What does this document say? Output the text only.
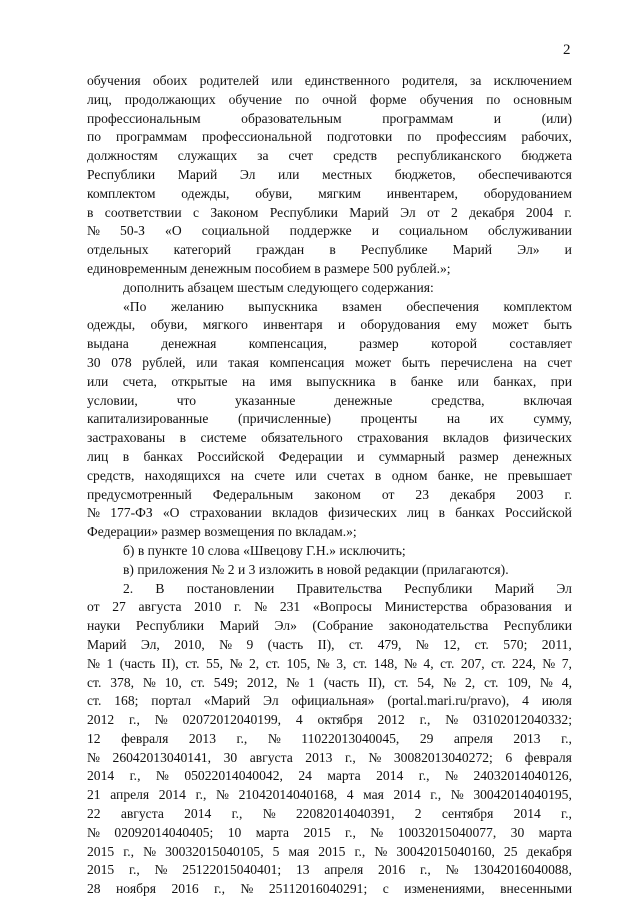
2
обучения обоих родителей или единственного родителя, за исключением
лиц, продолжающих обучение по очной форме обучения по основным
профессиональным	образовательным	программам	и	(или)
по программам профессиональной подготовки по профессиям рабочих,
должностям служащих за счет средств республиканского бюджета
Республики Марий Эл или местных бюджетов, обеспечиваются
комплектом одежды, обуви, мягким инвентарем, оборудованием
в соответствии с Законом Республики Марий Эл от 2 декабря 2004 г.
№ 50-З «О социальной поддержке и социальном обслуживании
отдельных категорий граждан в Республике Марий Эл» и
единовременным денежным пособием в размере 500 рублей.»;
дополнить абзацем шестым следующего содержания:
«По желанию выпускника взамен обеспечения комплектом
одежды, обуви, мягкого инвентаря и оборудования ему может быть
выдана денежная компенсация, размер которой составляет
30 078 рублей, или такая компенсация может быть перечислена на счет
или счета, открытые на имя выпускника в банке или банках, при
условии,	что	указанные	денежные	средства,	включая
капитализированные (причисленные) проценты на их сумму,
застрахованы в системе обязательного страхования вкладов физических
лиц в банках Российской Федерации и суммарный размер денежных
средств, находящихся на счете или счетах в одном банке, не превышает
предусмотренный Федеральным законом от 23 декабря 2003 г.
№ 177-ФЗ «О страховании вкладов физических лиц в банках Российской
Федерации» размер возмещения по вкладам.»;
б) в пункте 10 слова «Швецову Г.Н.» исключить;
в) приложения № 2 и 3 изложить в новой редакции (прилагаются).
2. В постановлении Правительства Республики Марий Эл
от 27 августа 2010 г. № 231 «Вопросы Министерства образования и
науки Республики Марий Эл» (Собрание законодательства Республики
Марий Эл, 2010, № 9 (часть II), ст. 479, № 12, ст. 570; 2011,
№ 1 (часть II), ст. 55, № 2, ст. 105, № 3, ст. 148, № 4, ст. 207, ст. 224, № 7,
ст. 378, № 10, ст. 549; 2012, № 1 (часть II), ст. 54, № 2, ст. 109, № 4,
ст. 168; портал «Марий Эл официальная» (portal.mari.ru/pravo), 4 июля
2012 г., № 02072012040199, 4 октября 2012 г., № 03102012040332;
12 февраля 2013 г., № 11022013040045, 29 апреля 2013 г.,
№ 26042013040141, 30 августа 2013 г., № 30082013040272; 6 февраля
2014 г., № 05022014040042, 24 марта 2014 г., № 24032014040126,
21 апреля 2014 г., № 21042014040168, 4 мая 2014 г., № 30042014040195,
22 августа 2014 г., № 22082014040391, 2 сентября 2014 г.,
№ 02092014040405; 10 марта 2015 г., № 10032015040077, 30 марта
2015 г., № 30032015040105, 5 мая 2015 г., № 30042015040160, 25 декабря
2015 г., № 25122015040401; 13 апреля 2016 г., № 13042016040088,
28 ноября 2016 г., № 25112016040291; с изменениями, внесенными
